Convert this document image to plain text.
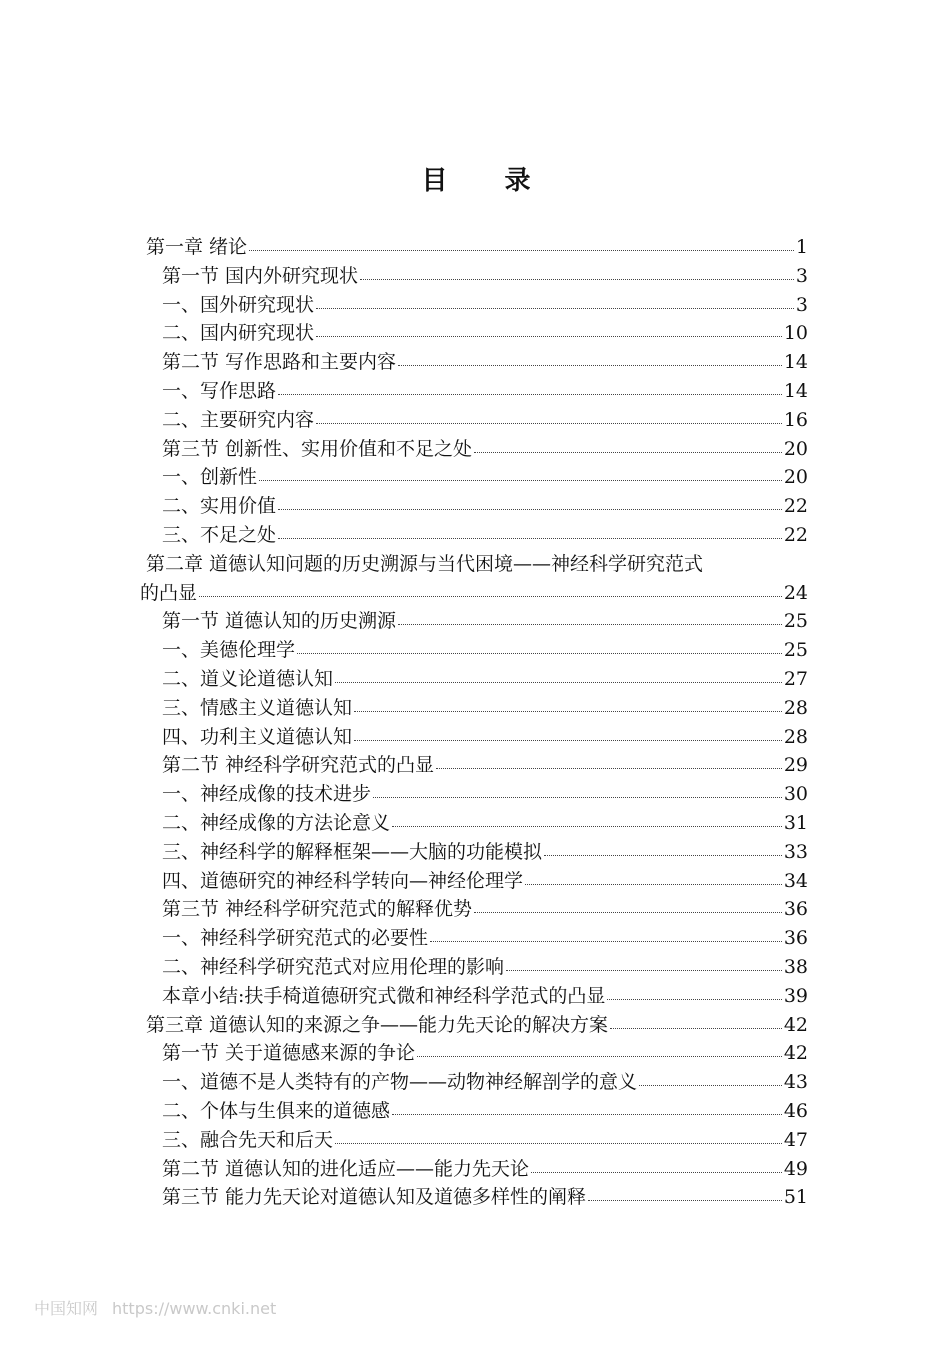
目 录
第一章 绪论	1
第一节 国内外研究现状	3
一、国外研究现状	3
二、国内研究现状	10
第二节 写作思路和主要内容	14
一、写作思路	14
二、主要研究内容	16
第三节 创新性、实用价值和不足之处	20
一、创新性	20
二、实用价值	22
三、不足之处	22
第二章 道德认知问题的历史溯源与当代困境——神经科学研究范式
的凸显	24
第一节 道德认知的历史溯源	25
一、美德伦理学	25
二、道义论道德认知	27
三、情感主义道德认知	28
四、功利主义道德认知	28
第二节 神经科学研究范式的凸显	29
一、神经成像的技术进步	30
二、神经成像的方法论意义	31
三、神经科学的解释框架——大脑的功能模拟	33
四、道德研究的神经科学转向—神经伦理学	34
第三节 神经科学研究范式的解释优势	36
一、神经科学研究范式的必要性	36
二、神经科学研究范式对应用伦理的影响	38
本章小结:扶手椅道德研究式微和神经科学范式的凸显	39
第三章 道德认知的来源之争——能力先天论的解决方案	42
第一节 关于道德感来源的争论	42
一、道德不是人类特有的产物——动物神经解剖学的意义	43
二、个体与生俱来的道德感	46
三、融合先天和后天	47
第二节 道德认知的进化适应——能力先天论	49
第三节 能力先天论对道德认知及道德多样性的阐释	51
中国知网 https://www.cnki.net
